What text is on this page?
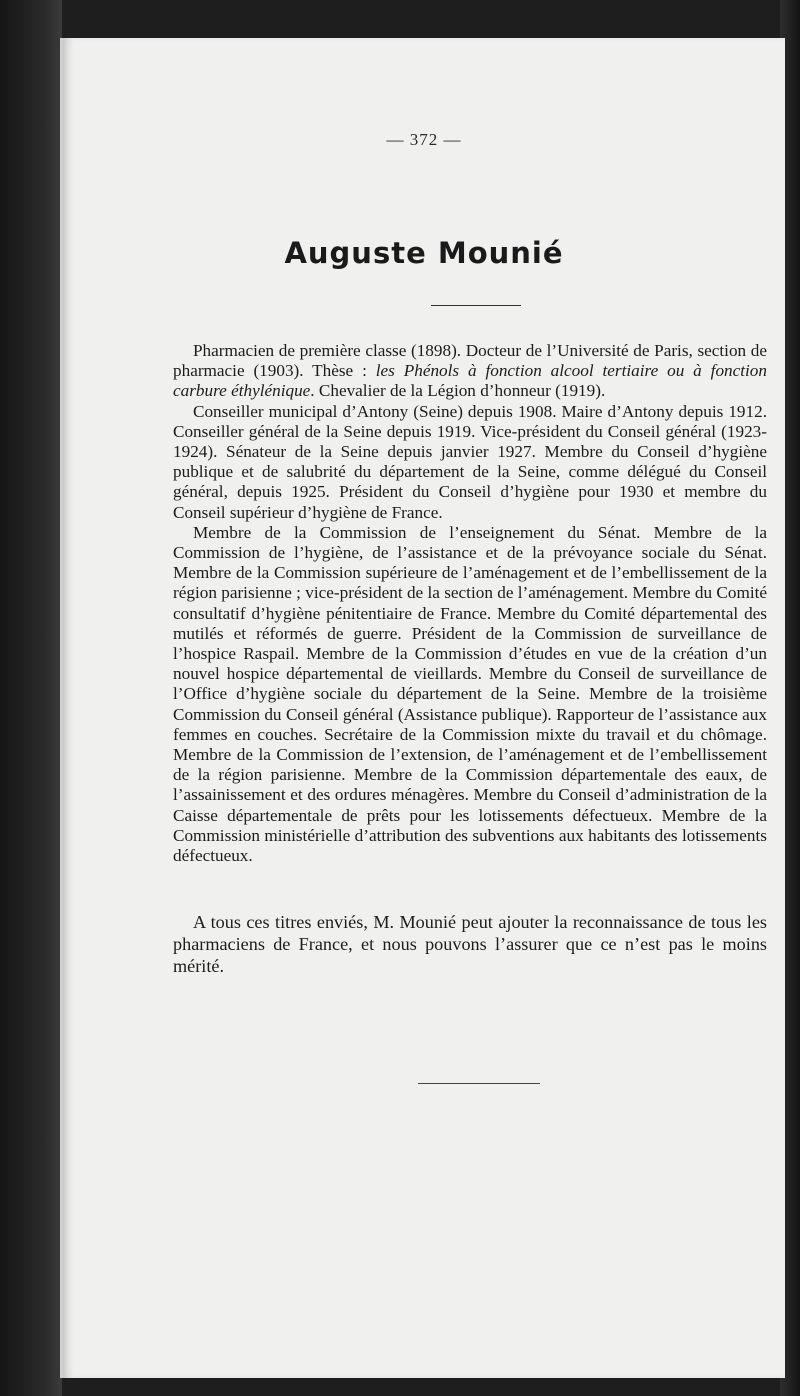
— 372 —
Auguste Mounié

Pharmacien de première classe (1898). Docteur de l’Université de Paris, section de pharmacie (1903). Thèse : les Phénols à fonction alcool tertiaire ou à fonction carbure éthylénique. Chevalier de la Légion d’honneur (1919).

Conseiller municipal d’Antony (Seine) depuis 1908. Maire d’Antony depuis 1912. Conseiller général de la Seine depuis 1919. Vice-président du Conseil général (1923-1924). Sénateur de la Seine depuis janvier 1927. Membre du Conseil d’hygiène publique et de salubrité du département de la Seine, comme délégué du Conseil général, depuis 1925. Président du Conseil d’hygiène pour 1930 et membre du Conseil supérieur d’hygiène de France.

Membre de la Commission de l’enseignement du Sénat. Membre de la Commission de l’hygiène, de l’assistance et de la prévoyance sociale du Sénat. Membre de la Commission supérieure de l’aménagement et de l’embellissement de la région parisienne ; vice-président de la section de l’aménagement. Membre du Comité consultatif d’hygiène pénitentiaire de France. Membre du Comité départemental des mutilés et réformés de guerre. Président de la Commission de surveillance de l’hospice Raspail. Membre de la Commission d’études en vue de la création d’un nouvel hospice départemental de vieillards. Membre du Conseil de surveillance de l’Office d’hygiène sociale du département de la Seine. Membre de la troisième Commission du Conseil général (Assistance publique). Rapporteur de l’assistance aux femmes en couches. Secrétaire de la Commission mixte du travail et du chômage. Membre de la Commission de l’extension, de l’aménagement et de l’embellissement de la région parisienne. Membre de la Commission départementale des eaux, de l’assainissement et des ordures ménagères. Membre du Conseil d’administration de la Caisse départementale de prêts pour les lotissements défectueux. Membre de la Commission ministérielle d’attribution des subventions aux habitants des lotissements défectueux.

A tous ces titres enviés, M. Mounié peut ajouter la reconnaissance de tous les pharmaciens de France, et nous pouvons l’assurer que ce n’est pas le moins mérité.
